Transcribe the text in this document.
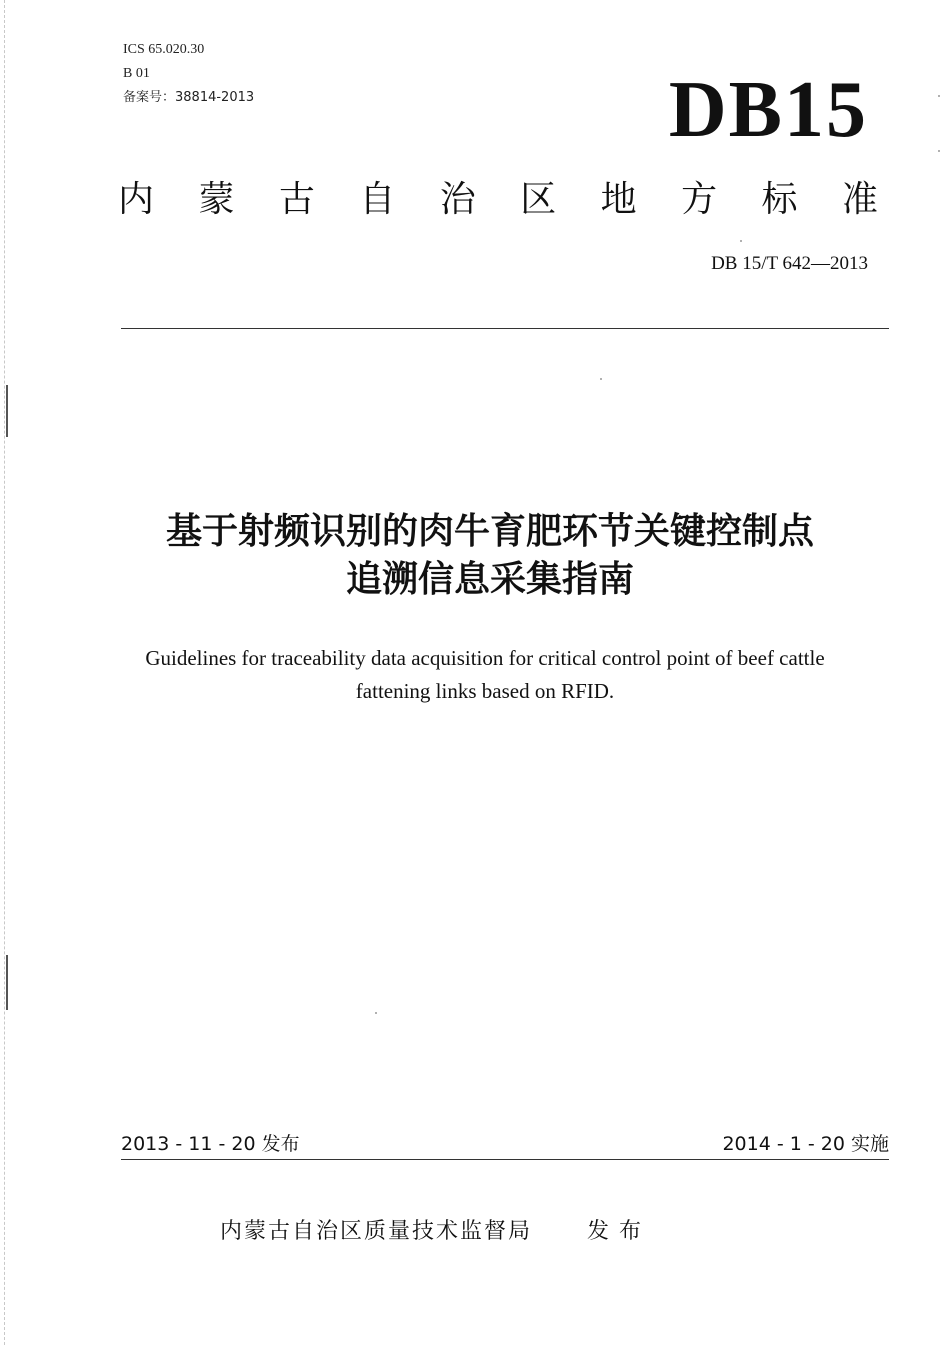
ICS 65.020.30
B 01
备案号：38814-2013	DB15
内 蒙 古 自 治 区 地 方 标 准
DB 15/T 642—2013
基于射频识别的肉牛育肥环节关键控制点
追溯信息采集指南
Guidelines for traceability data acquisition for critical control point of beef cattle
fattening links based on RFID.
2013 - 11 - 20 发布	2014 - 1 - 20 实施
内蒙古自治区质量技术监督局	发布
